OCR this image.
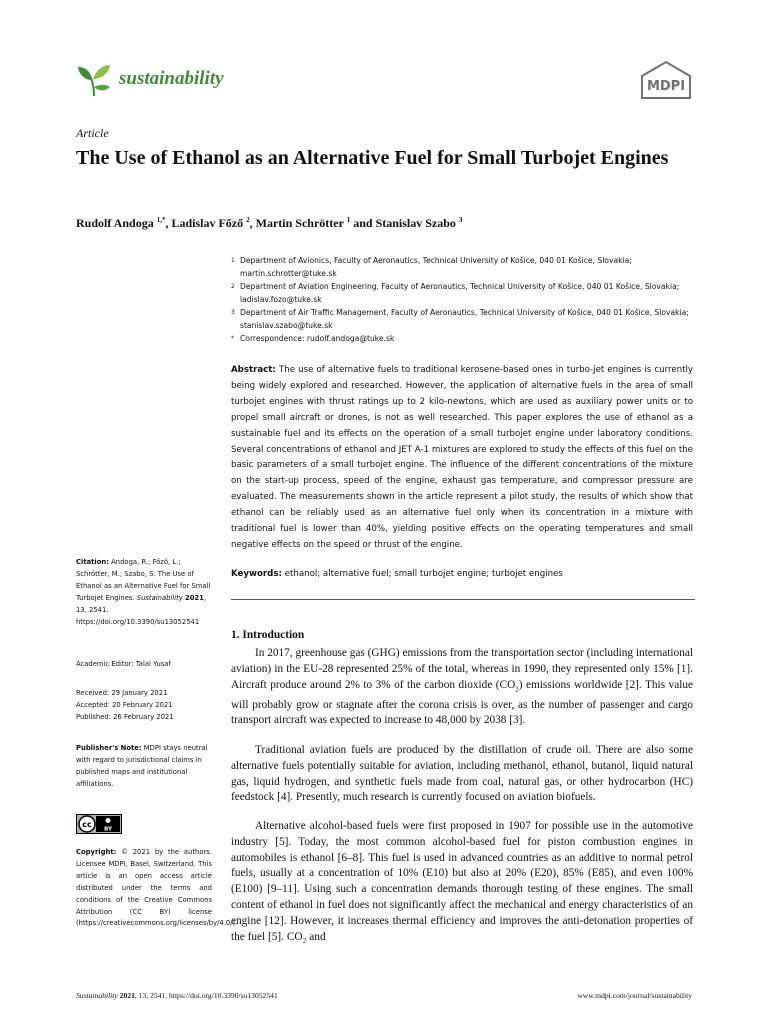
sustainability	MDPI
Article
The Use of Ethanol as an Alternative Fuel for Small Turbojet Engines
Rudolf Andoga $^{1,*}$, Ladislav Főző $^2$, Martin Schrötter $^1$ and Stanislav Szabo $^3$
1 Department of Avionics, Faculty of Aeronautics, Technical University of Košice, 040 01 Košice, Slovakia; martin.schrotter@tuke.sk
2 Department of Aviation Engineering, Faculty of Aeronautics, Technical University of Košice, 040 01 Košice, Slovakia; ladislav.fozo@tuke.sk
3 Department of Air Traffic Management, Faculty of Aeronautics, Technical University of Košice, 040 01 Košice, Slovakia; stanislav.szabo@tuke.sk
* Correspondence: rudolf.andoga@tuke.sk
Abstract: The use of alternative fuels to traditional kerosene-based ones in turbo-jet engines is currently being widely explored and researched. However, the application of alternative fuels in the area of small turbojet engines with thrust ratings up to 2 kilo-newtons, which are used as auxiliary power units or to propel small aircraft or drones, is not as well researched. This paper explores the use of ethanol as a sustainable fuel and its effects on the operation of a small turbojet engine under laboratory conditions. Several concentrations of ethanol and JET A-1 mixtures are explored to study the effects of this fuel on the basic parameters of a small turbojet engine. The influence of the different concentrations of the mixture on the start-up process, speed of the engine, exhaust gas temperature, and compressor pressure are evaluated. The measurements shown in the article represent a pilot study, the results of which show that ethanol can be reliably used as an alternative fuel only when its concentration in a mixture with traditional fuel is lower than 40%, yielding positive effects on the operating temperatures and small negative effects on the speed or thrust of the engine.
Keywords: ethanol; alternative fuel; small turbojet engine; turbojet engines
Citation: Andoga, R.; Főző, L.; Schrötter, M.; Szabo, S. The Use of Ethanol as an Alternative Fuel for Small Turbojet Engines. Sustainability 2021, 13, 2541. https://doi.org/10.3390/su13052541
Academic Editor: Talal Yusaf
Received: 29 January 2021
Accepted: 20 February 2021
Published: 26 February 2021
Publisher's Note: MDPI stays neutral with regard to jurisdictional claims in published maps and institutional affiliations.
cc
BY
Copyright: © 2021 by the authors. Licensee MDPI, Basel, Switzerland. This article is an open access article distributed under the terms and conditions of the Creative Commons Attribution (CC BY) license (https://creativecommons.org/licenses/by/4.0/).
1. Introduction
In 2017, greenhouse gas (GHG) emissions from the transportation sector (including international aviation) in the EU-28 represented 25% of the total, whereas in 1990, they represented only 15% [1]. Aircraft produce around 2% to 3% of the carbon dioxide $(CO_2)$ emissions worldwide [2]. This value will probably grow or stagnate after the corona crisis is over, as the number of passenger and cargo transport aircraft was expected to increase to 48,000 by 2038 [3].
Traditional aviation fuels are produced by the distillation of crude oil. There are also some alternative fuels potentially suitable for aviation, including methanol, ethanol, butanol, liquid natural gas, liquid hydrogen, and synthetic fuels made from coal, natural gas, or other hydrocarbon (HC) feedstock [4]. Presently, much research is currently focused on aviation biofuels.
Alternative alcohol-based fuels were first proposed in 1907 for possible use in the automotive industry [5]. Today, the most common alcohol-based fuel for piston combustion engines in automobiles is ethanol [6–8]. This fuel is used in advanced countries as an additive to normal petrol fuels, usually at a concentration of 10% (E10) but also at 20% (E20), 85% (E85), and even 100% (E100) [9–11]. Using such a concentration demands thorough testing of these engines. The small content of ethanol in fuel does not significantly affect the mechanical and energy characteristics of an engine [12]. However, it increases thermal efficiency and improves the anti-detonation properties of the fuel [5]. CO₂ and
Sustainability 2021, 13, 2541. https://doi.org/10.3390/su13052541	www.mdpi.com/journal/sustainability
